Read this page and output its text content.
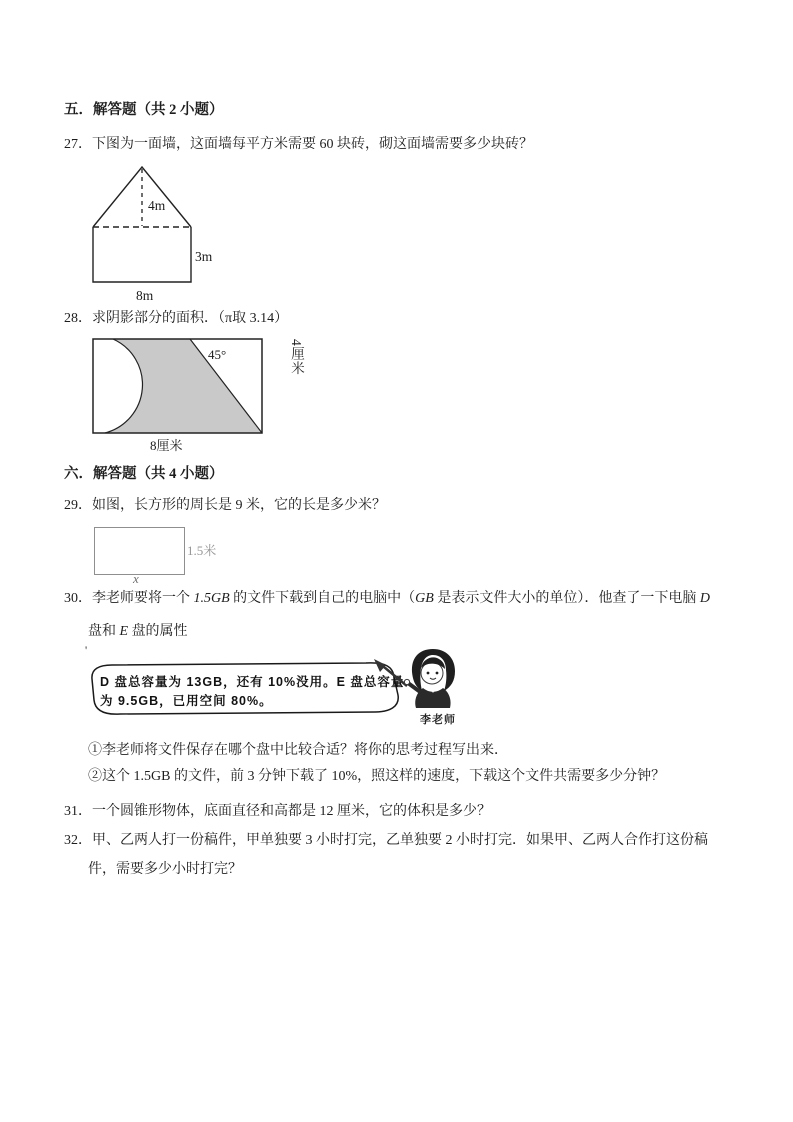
五．解答题（共 2 小题）
27．下图为一面墙，这面墙每平方米需要 60 块砖，砌这面墙需要多少块砖？
4m
3m
8m
28．求阴影部分的面积．（π取 3.14）
45°	4厘米
8厘米
六．解答题（共 4 小题）
29．如图，长方形的周长是 9 米，它的长是多少米？
1.5米
x
30．李老师要将一个 1.5GB 的文件下载到自己的电脑中（GB 是表示文件大小的单位）．他查了一下电脑 D
盘和 E 盘的属性
'
D 盘总容量为 13GB，还有 10%没用。E 盘总容量
为 9.5GB，已用空间 80%。
李老师
①李老师将文件保存在哪个盘中比较合适？将你的思考过程写出来．
②这个 1.5GB 的文件，前 3 分钟下载了 10%，照这样的速度，下载这个文件共需要多少分钟？
31．一个圆锥形物体，底面直径和高都是 12 厘米，它的体积是多少？
32．甲、乙两人打一份稿件，甲单独要 3 小时打完，乙单独要 2 小时打完．如果甲、乙两人合作打这份稿
件，需要多少小时打完？
